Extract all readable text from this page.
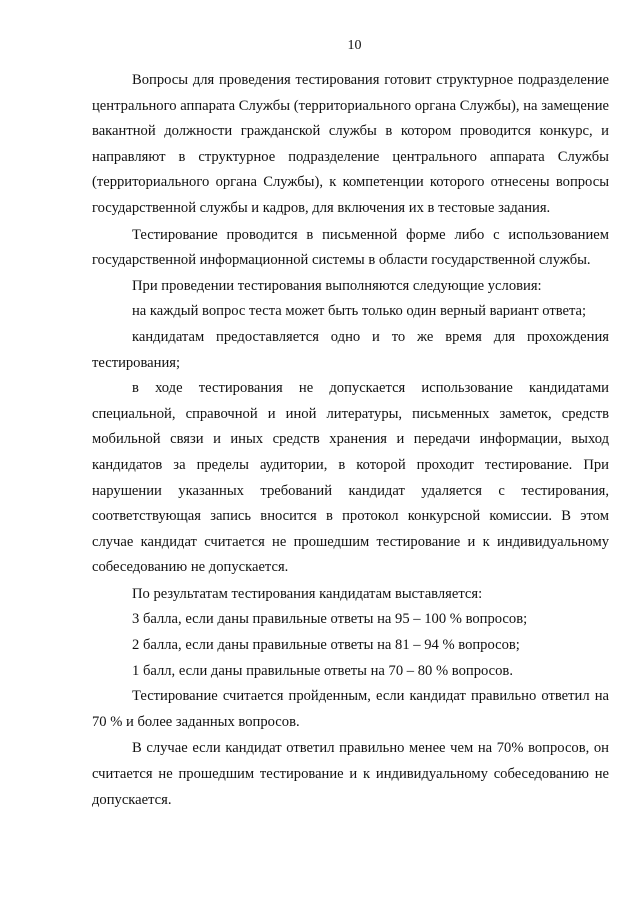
10

Вопросы для проведения тестирования готовит структурное подразделение центрального аппарата Службы (территориального органа Службы), на замещение вакантной должности гражданской службы в котором проводится конкурс, и направляют в структурное подразделение центрального аппарата Службы (территориального органа Службы), к компетенции которого отнесены вопросы государственной службы и кадров, для включения их в тестовые задания.

Тестирование проводится в письменной форме либо с использованием государственной информационной системы в области государственной службы.

При проведении тестирования выполняются следующие условия:

на каждый вопрос теста может быть только один верный вариант ответа;

кандидатам предоставляется одно и то же время для прохождения тестирования;

в ходе тестирования не допускается использование кандидатами специальной, справочной и иной литературы, письменных заметок, средств мобильной связи и иных средств хранения и передачи информации, выход кандидатов за пределы аудитории, в которой проходит тестирование. При нарушении указанных требований кандидат удаляется с тестирования, соответствующая запись вносится в протокол конкурсной комиссии. В этом случае кандидат считается не прошедшим тестирование и к индивидуальному собеседованию не допускается.

По результатам тестирования кандидатам выставляется:

3 балла, если даны правильные ответы на 95 – 100 % вопросов;

2 балла, если даны правильные ответы на 81 – 94 % вопросов;

1 балл, если даны правильные ответы на 70 – 80 % вопросов.

Тестирование считается пройденным, если кандидат правильно ответил на 70 % и более заданных вопросов.

В случае если кандидат ответил правильно менее чем на 70% вопросов, он считается не прошедшим тестирование и к индивидуальному собеседованию не допускается.
